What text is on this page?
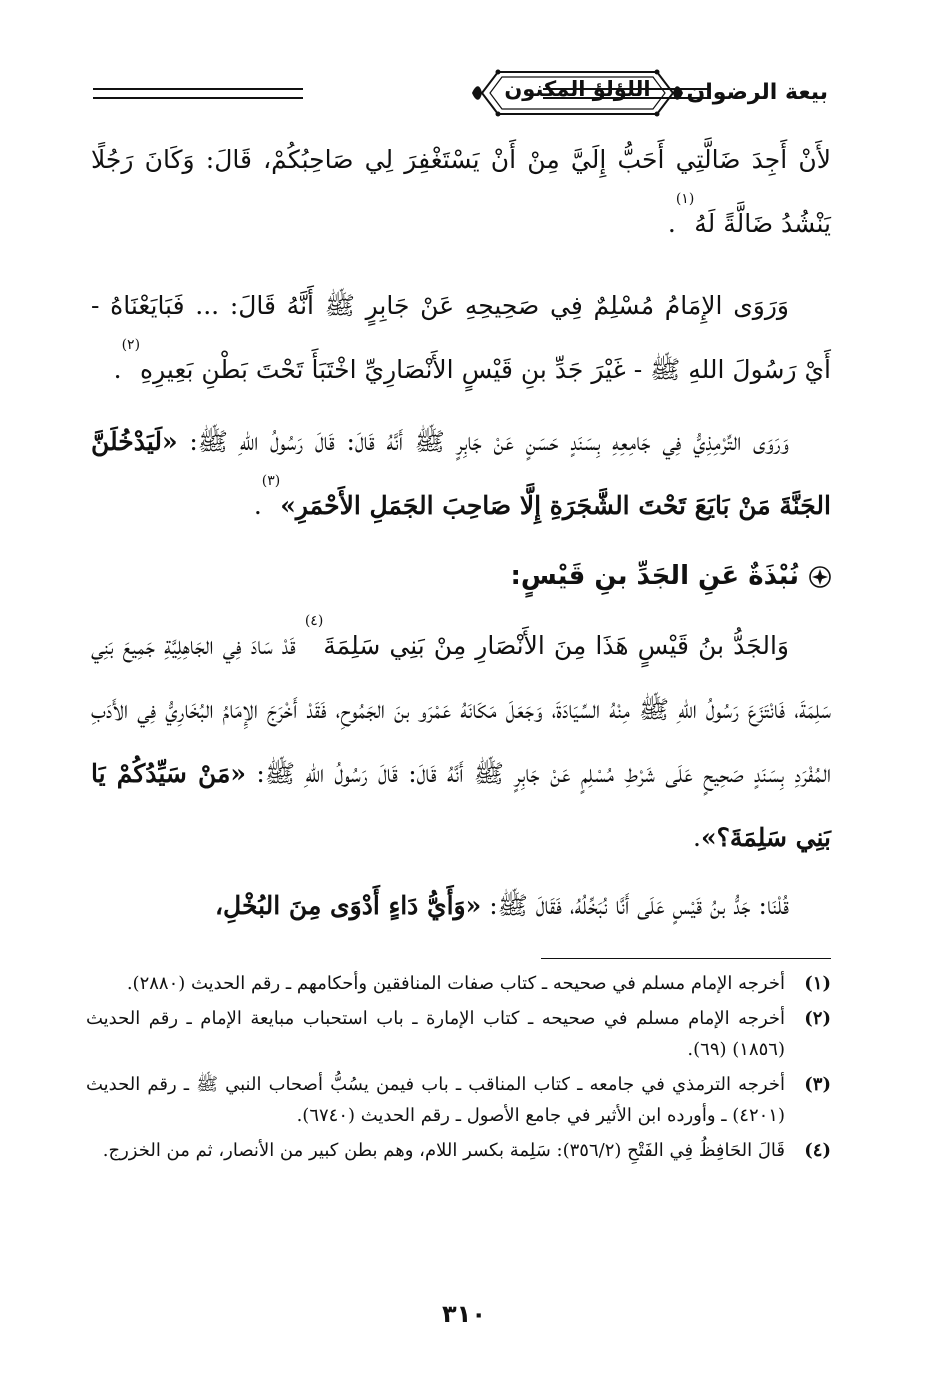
بيعة الرضوان
اللؤلؤ المكنون

لأَنْ أَجِدَ ضَالَّتِي أَحَبُّ إِلَيَّ مِنْ أَنْ يَسْتَغْفِرَ لِي صَاحِبُكُمْ، قَالَ: وَكَانَ رَجُلًا يَنْشُدُ ضَالَّةً لَهُ$^{(١)}$.

وَرَوَى الإِمَامُ مُسْلِمٌ فِي صَحِيحِهِ عَنْ جَابِرٍ ﷺ أَنَّهُ قَالَ: ... فَبَايَعْنَاهُ - أَيْ رَسُولَ اللهِ ﷺ - غَيْرَ جَدِّ بنِ قَيْسٍ الأَنْصَارِيِّ اخْتَبَأَ تَحْتَ بَطْنِ بَعِيرِهِ$^{(٢)}$.

وَرَوَى التِّرْمِذِيُّ فِي جَامِعِهِ بِسَنَدٍ حَسَنٍ عَنْ جَابِرٍ ﷺ أَنَّهُ قَالَ: قَالَ رَسُولُ اللهِ ﷺ: «لَيَدْخُلَنَّ الجَنَّةَ مَنْ بَايَعَ تَحْتَ الشَّجَرَةِ إِلَّا صَاحِبَ الجَمَلِ الأَحْمَرِ»$^{(٣)}$.

نُبْذَةٌ عَنِ الجَدِّ بنِ قَيْسٍ:

وَالجَدُّ بنُ قَيْسٍ هَذَا مِنَ الأَنْصَارِ مِنْ بَنِي سَلِمَةَ$^{(٤)}$ قَدْ سَادَ فِي الجَاهِلِيَّةِ جَمِيعَ بَنِي سَلِمَةَ، فَانْتَزَعَ رَسُولُ اللهِ ﷺ مِنْهُ السِّيَادَةَ، وَجَعَلَ مَكَانَهُ عَمْرَو بنَ الجَمُوحِ، فَقَدْ أَخْرَجَ الإِمَامُ البُخَارِيُّ فِي الأَدَبِ المُفْرَدِ بِسَنَدٍ صَحِيحٍ عَلَى شَرْطِ مُسْلِمٍ عَنْ جَابِرٍ ﷺ أَنَّهُ قَالَ: قَالَ رَسُولُ اللهِ ﷺ: «مَنْ سَيِّدُكُمْ يَا بَنِي سَلِمَةَ؟».

قُلْنَا: جَدُّ بنُ قَيْسٍ عَلَى أَنَّا نُبَخِّلُهُ، فَقَالَ ﷺ: «وَأَيُّ دَاءٍ أَدْوَى مِنَ البُخْلِ،

(١)
أخرجه الإمام مسلم في صحيحه ـ كتاب صفات المنافقين وأحكامهم ـ رقم الحديث (٢٨٨٠).
(٢)
أخرجه الإمام مسلم في صحيحه ـ كتاب الإمارة ـ باب استحباب مبايعة الإمام ـ رقم الحديث (١٨٥٦) (٦٩).
(٣)
أخرجه الترمذي في جامعه ـ كتاب المناقب ـ باب فيمن يسُبُّ أصحاب النبي ﷺ ـ رقم الحديث (٤٢٠١) ـ وأورده ابن الأثير في جامع الأصول ـ رقم الحديث (٦٧٤٠).
(٤)
قَالَ الحَافِظُ فِي الفَتْحِ (٣٥٦/٢): سَلِمة بكسر اللام، وهم بطن كبير من الأنصار، ثم من الخزرج.
٣١٠
